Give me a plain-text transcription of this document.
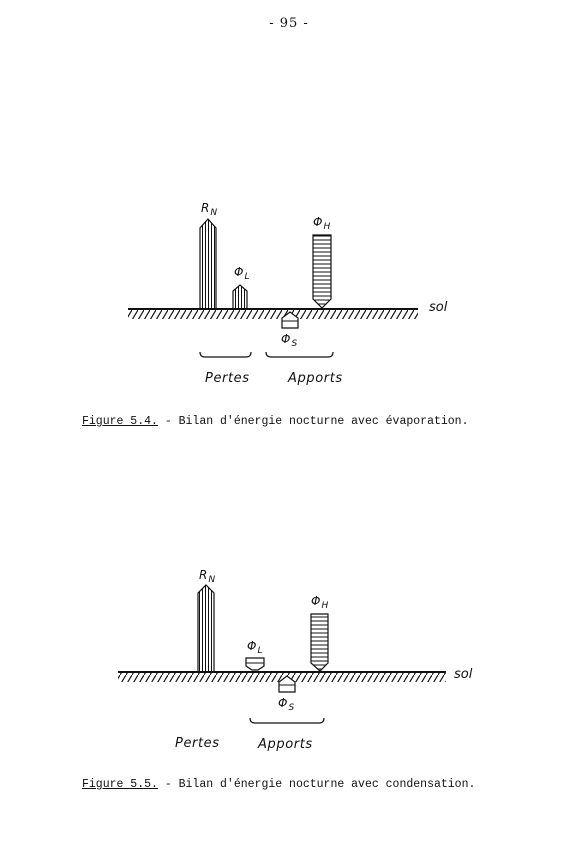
- 95 -
$R_N$
$\Phi_L$
$\Phi_H$
$\Phi_S$
sol
Pertes	Apports
Figure 5.4. - Bilan d'énergie nocturne avec évaporation.
$R_N$
$\Phi_L$
$\Phi_H$
$\Phi_S$
sol
Pertes	Apports
Figure 5.5. - Bilan d'énergie nocturne avec condensation.
